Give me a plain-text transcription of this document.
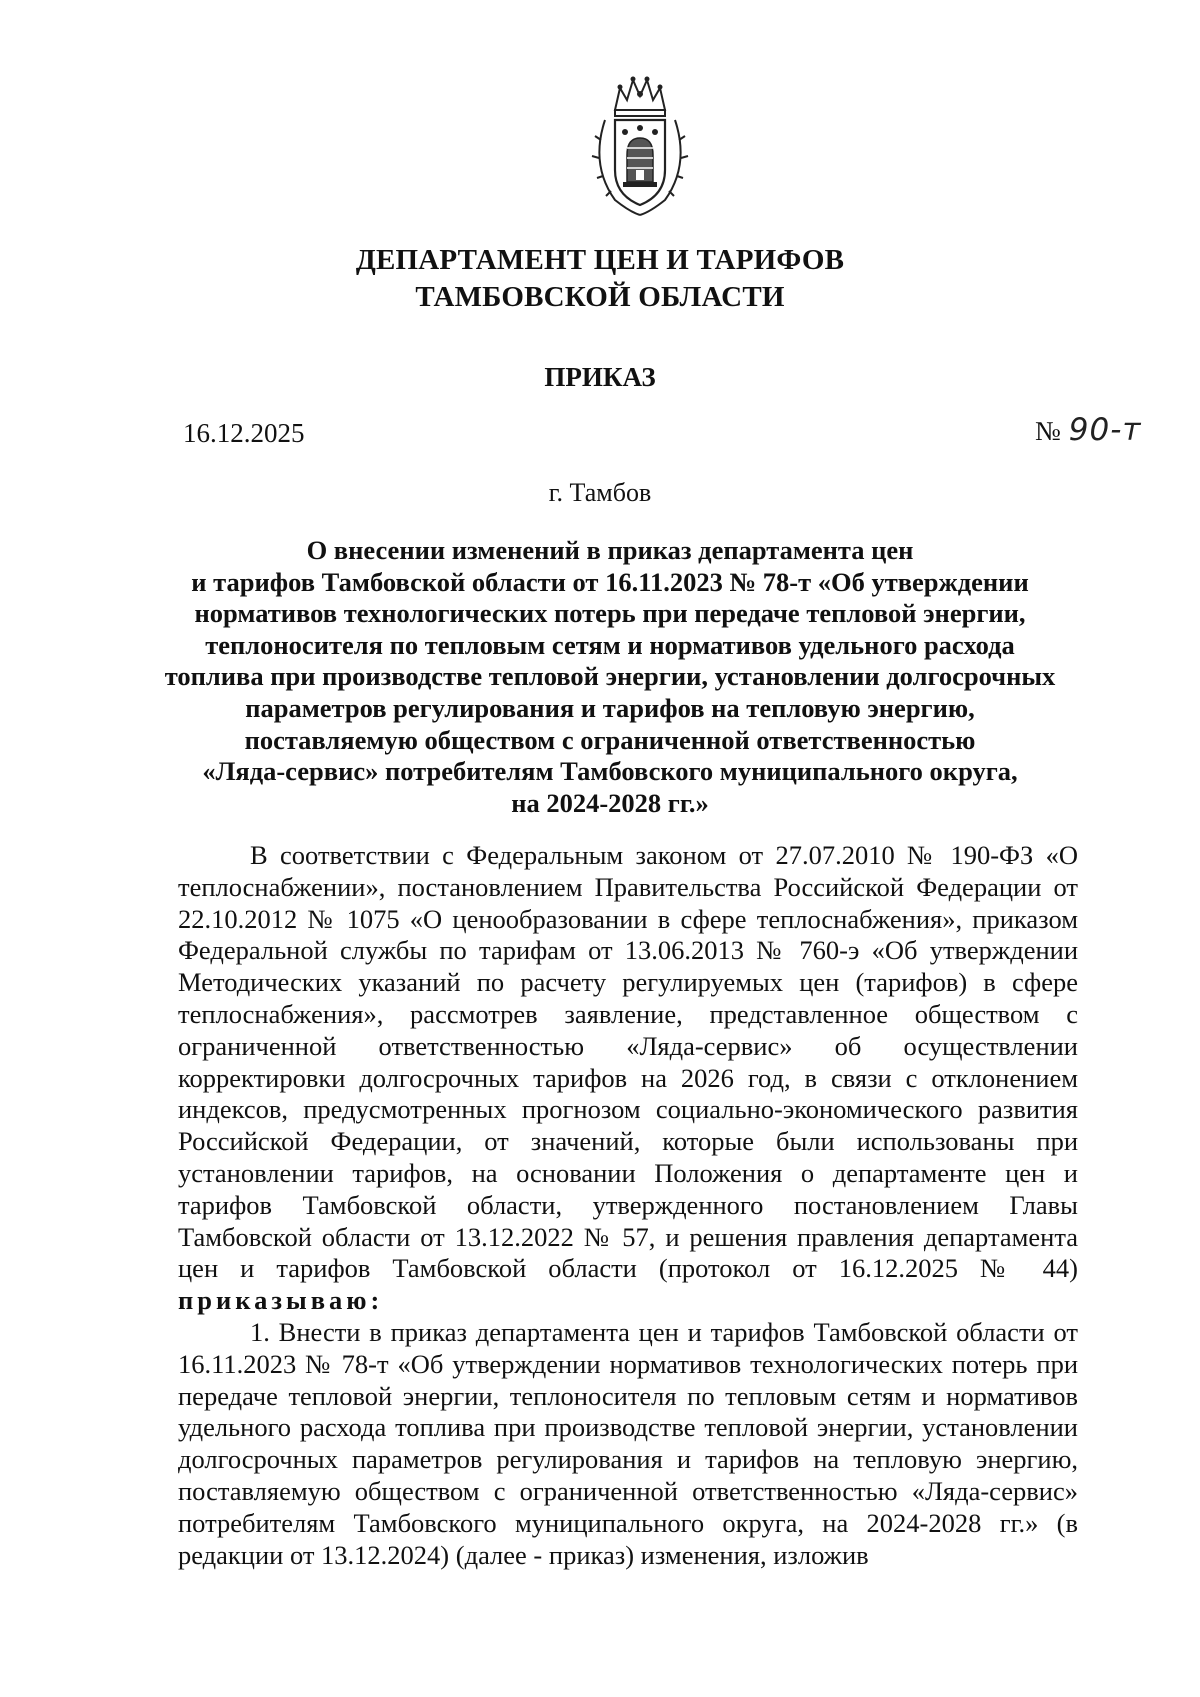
ДЕПАРТАМЕНТ ЦЕН И ТАРИФОВ
ТАМБОВСКОЙ ОБЛАСТИ
ПРИКАЗ
16.12.2025	№ 90-т
г. Тамбов
О внесении изменений в приказ департамента цен
и тарифов Тамбовской области от 16.11.2023 № 78-т «Об утверждении
нормативов технологических потерь при передаче тепловой энергии,
теплоносителя по тепловым сетям и нормативов удельного расхода
топлива при производстве тепловой энергии, установлении долгосрочных
параметров регулирования и тарифов на тепловую энергию,
поставляемую обществом с ограниченной ответственностью
«Ляда-сервис» потребителям Тамбовского муниципального округа,
на 2024-2028 гг.»

В соответствии с Федеральным законом от 27.07.2010 № 190-ФЗ «О теплоснабжении», постановлением Правительства Российской Федерации от 22.10.2012 № 1075 «О ценообразовании в сфере теплоснабжения», приказом Федеральной службы по тарифам от 13.06.2013 № 760-э «Об утверждении Методических указаний по расчету регулируемых цен (тарифов) в сфере теплоснабжения», рассмотрев заявление, представленное обществом с ограниченной ответственностью «Ляда-сервис» об осуществлении корректировки долгосрочных тарифов на 2026 год, в связи с отклонением индексов, предусмотренных прогнозом социально-экономического развития Российской Федерации, от значений, которые были использованы при установлении тарифов, на основании Положения о департаменте цен и тарифов Тамбовской области, утвержденного постановлением Главы Тамбовской области от 13.12.2022 № 57, и решения правления департамента цен и тарифов Тамбовской области (протокол от 16.12.2025 № 44) приказываю:

1. Внести в приказ департамента цен и тарифов Тамбовской области от 16.11.2023 № 78-т «Об утверждении нормативов технологических потерь при передаче тепловой энергии, теплоносителя по тепловым сетям и нормативов удельного расхода топлива при производстве тепловой энергии, установлении долгосрочных параметров регулирования и тарифов на тепловую энергию, поставляемую обществом с ограниченной ответственностью «Ляда-сервис» потребителям Тамбовского муниципального округа, на 2024-2028 гг.» (в редакции от 13.12.2024) (далее - приказ) изменения, изложив
